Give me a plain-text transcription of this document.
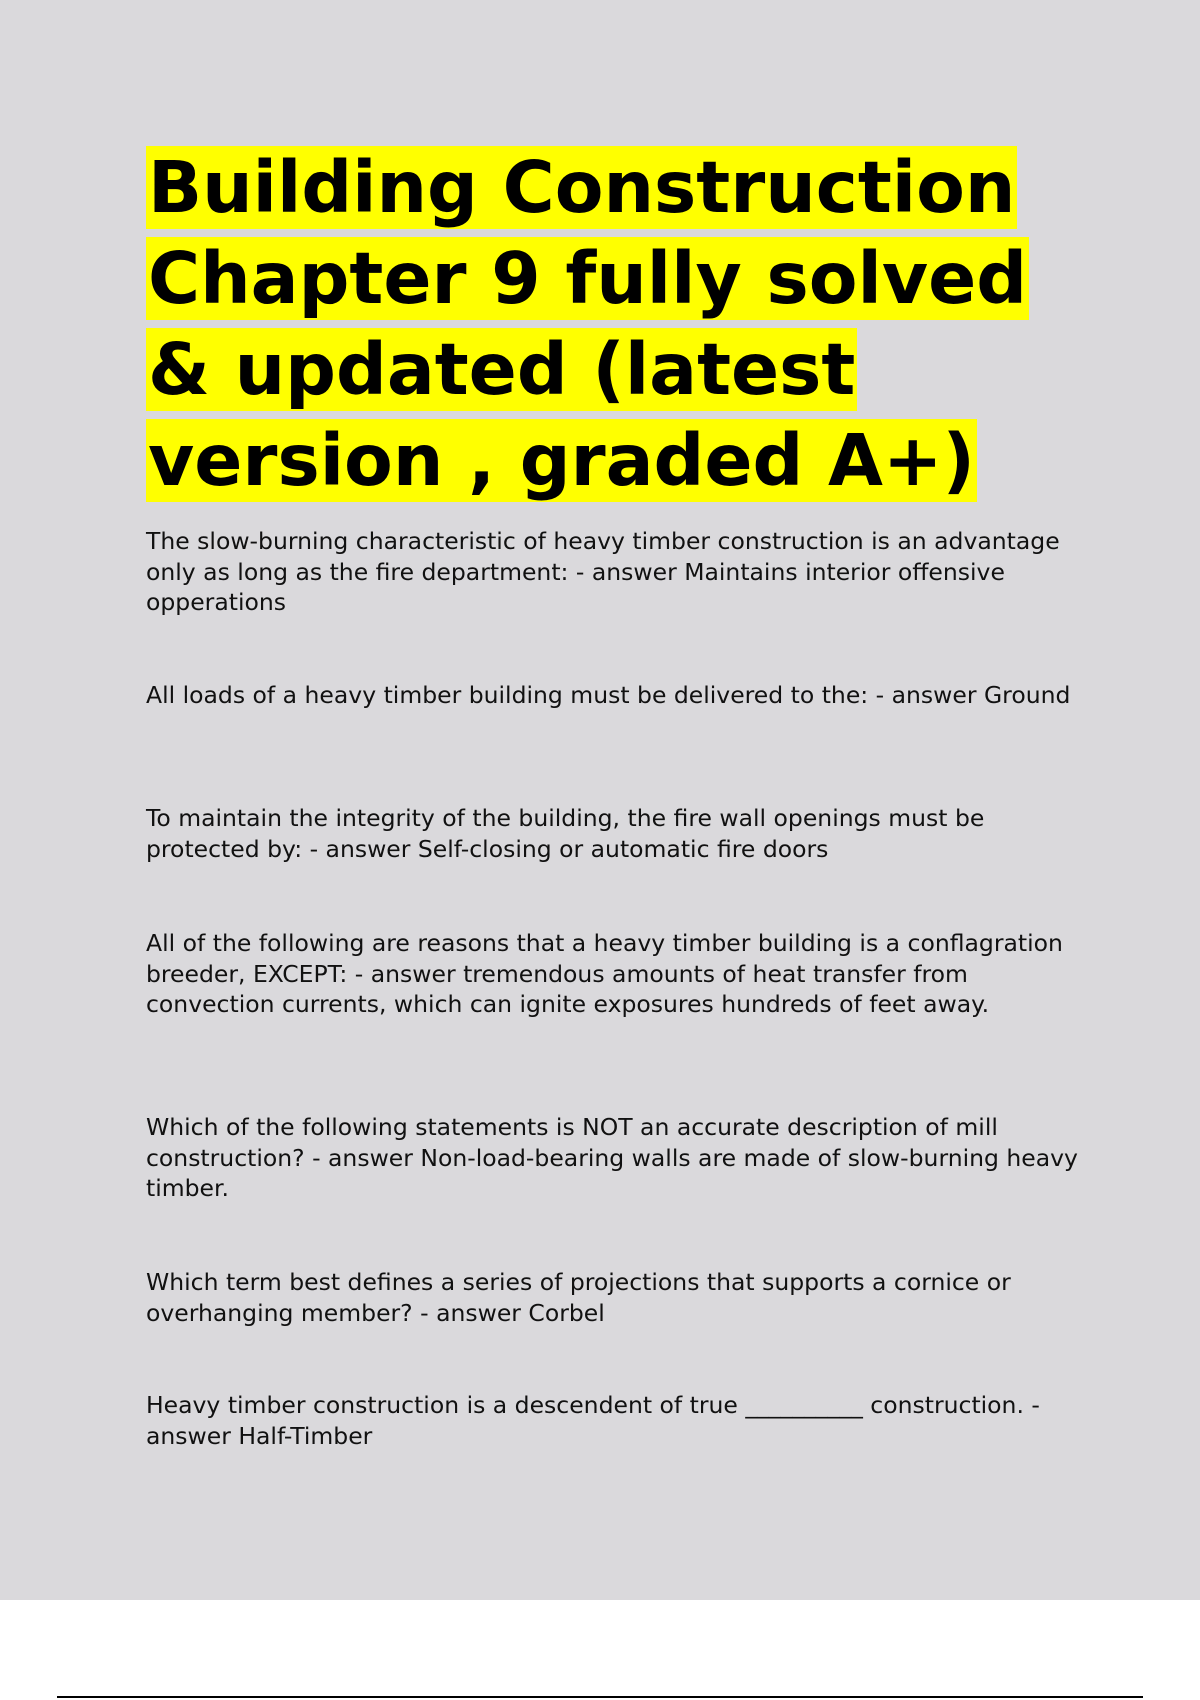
Building Construction Chapter 9 fully solved & updated (latest version , graded A+)

The slow-burning characteristic of heavy timber construction is an advantage only as long as the fire department: - answer Maintains interior offensive opperations

All loads of a heavy timber building must be delivered to the: - answer Ground

To maintain the integrity of the building, the fire wall openings must be protected by: - answer Self-closing or automatic fire doors

All of the following are reasons that a heavy timber building is a conflagration breeder, EXCEPT: - answer tremendous amounts of heat transfer from convection currents, which can ignite exposures hundreds of feet away.

Which of the following statements is NOT an accurate description of mill construction? - answer Non-load-bearing walls are made of slow-burning heavy timber.

Which term best defines a series of projections that supports a cornice or overhanging member? - answer Corbel

Heavy timber construction is a descendent of true __________ construction. - answer Half-Timber
